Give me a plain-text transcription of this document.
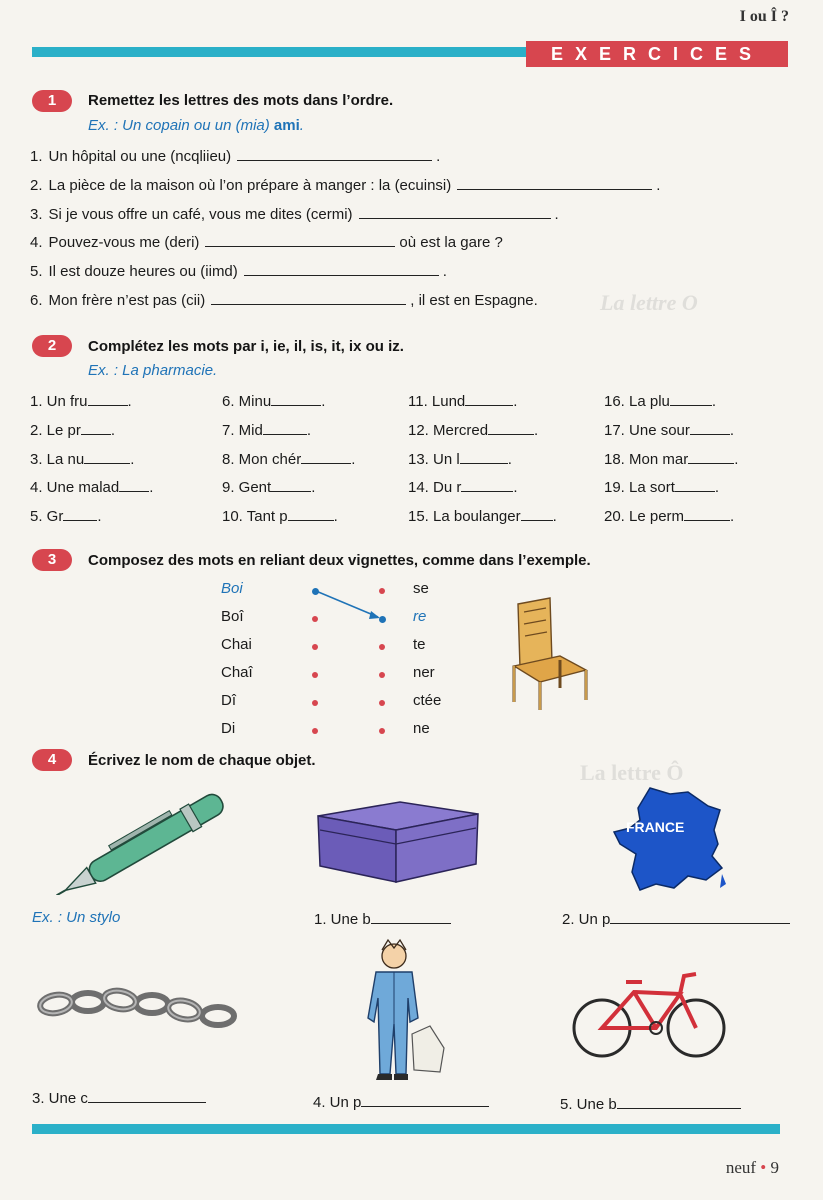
La lettre O
La lettre Ô
I ou Î ?
EXERCICES
1	Remettez les lettres des mots dans l’ordre.
Ex. : Un copain ou un (mia) ami.
1. Un hôpital ou une (ncqliieu)	.
2. La pièce de la maison où l’on prépare à manger : la (ecuinsi)	.
3. Si je vous offre un café, vous me dites (cermi)	.
4. Pouvez-vous me (deri)	où est la gare ?
5. Il est douze heures ou (iimd)	.
6. Mon frère n’est pas (cii)	, il est en Espagne.
2	Complétez les mots par i, ie, il, is, it, ix ou iz.
Ex. : La pharmacie.
1. Un fru	.	6. Minu	.	11. Lund	.	16. La plu	.
2. Le pr .	7. Mid	.	12. Mercred	.	17. Une sour	.
3. La nu	.	8. Mon chér	.	13. Un l	.	18. Mon mar	.
4. Une malad .	9. Gent	.	14. Du r	.	19. La sort	.
5. Gr .	10. Tant p	.	15. La boulanger .	20. Le perm	.
3	Composez des mots en reliant deux vignettes, comme dans l’exemple.
Boi	se
Boî	re
Chai	te
Chaî	ner
Dî	ctée
Di	ne
4	Écrivez le nom de chaque objet.
FRANCE
Ex. : Un stylo	1. Une b	2. Un p
3. Une c	4. Un p	5. Une b
neuf • 9
